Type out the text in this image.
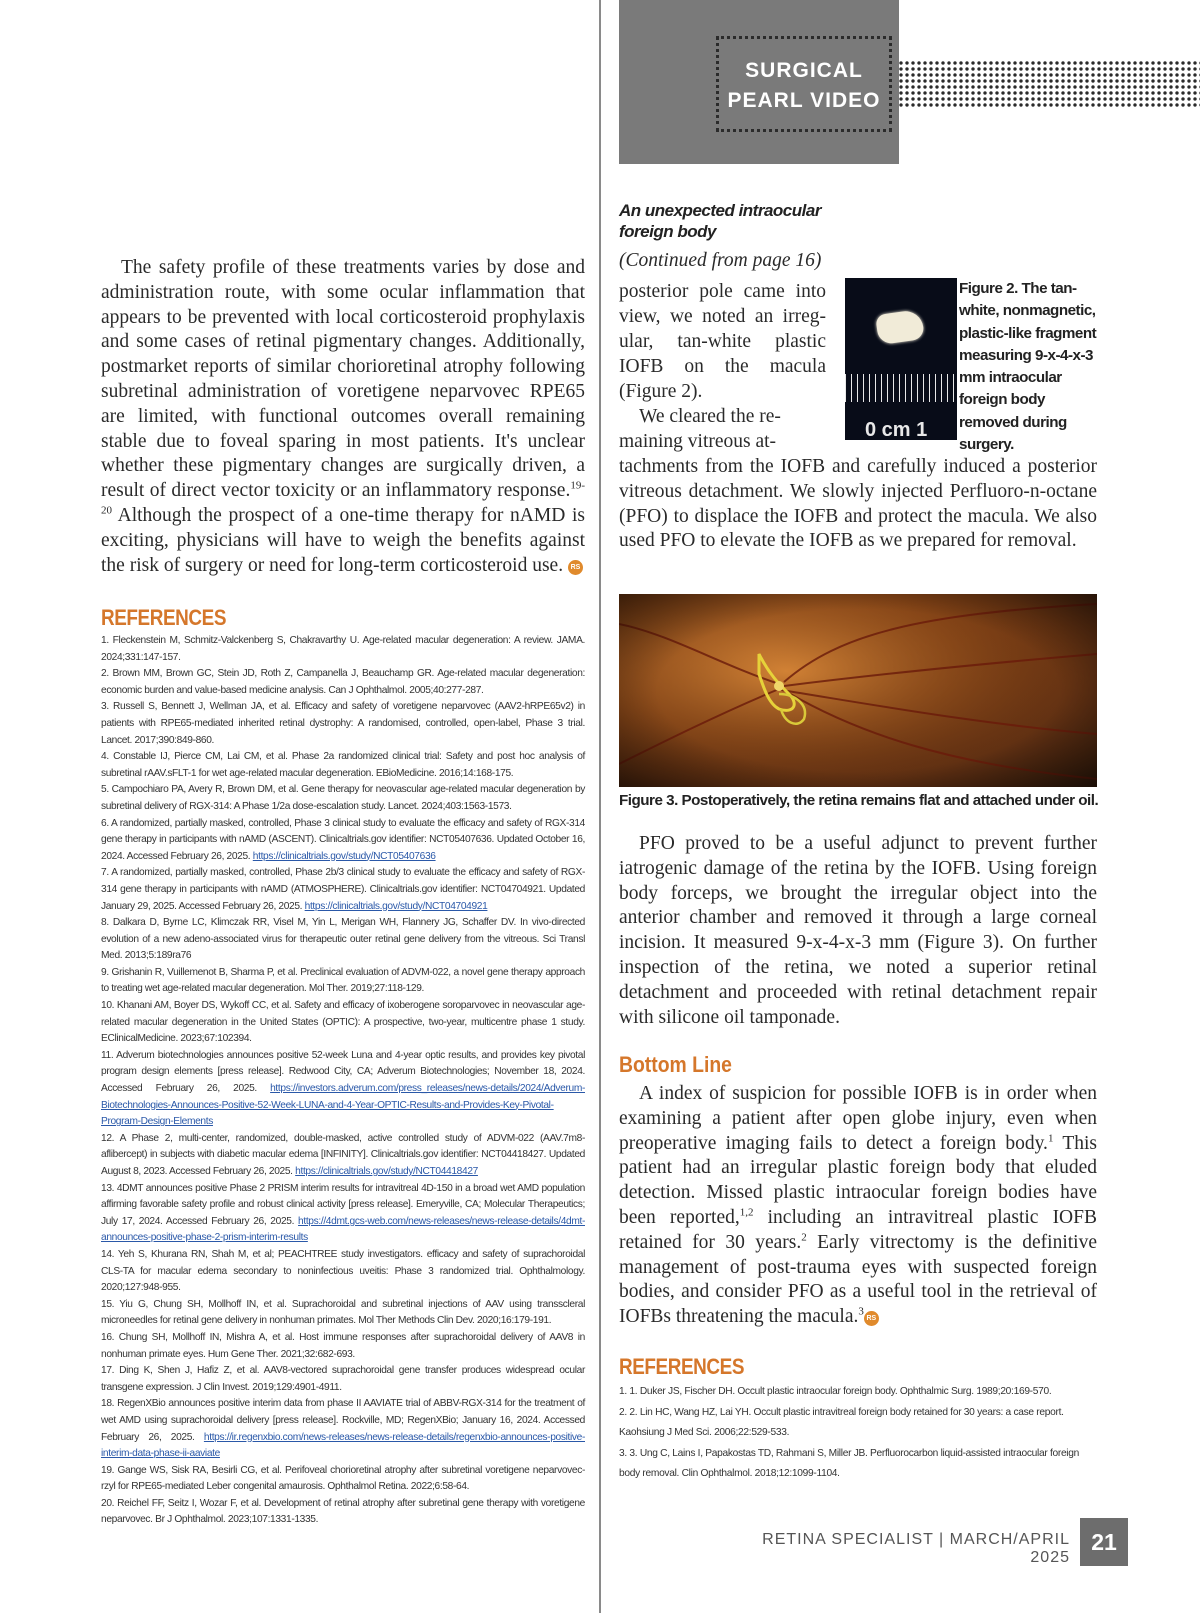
The safety profile of these treatments varies by dose and administration route, with some ocular inflammation that appears to be prevented with local corticosteroid prophylaxis and some cases of retinal pigmentary changes. Additionally, postmarket reports of similar chorioretinal atrophy following subretinal administration of voretigene neparvovec RPE65 are limited, with functional outcomes overall remaining stable due to foveal sparing in most patients. It's unclear whether these pigmentary changes are surgically driven, a result of direct vector toxicity or an inflammatory response.$^{19-20}$ Although the prospect of a one-time therapy for nAMD is exciting, physicians will have to weigh the benefits against the risk of surgery or need for long-term corticosteroid use. RS
REFERENCES
1. Fleckenstein M, Schmitz-Valckenberg S, Chakravarthy U. Age-related macular degeneration: A review. JAMA. 2024;331:147-157.
2. Brown MM, Brown GC, Stein JD, Roth Z, Campanella J, Beauchamp GR. Age-related macular degeneration: economic burden and value-based medicine analysis. Can J Ophthalmol. 2005;40:277-287.
3. Russell S, Bennett J, Wellman JA, et al. Efficacy and safety of voretigene neparvovec (AAV2-hRPE65v2) in patients with RPE65-mediated inherited retinal dystrophy: A randomised, controlled, open-label, Phase 3 trial. Lancet. 2017;390:849-860.
4. Constable IJ, Pierce CM, Lai CM, et al. Phase 2a randomized clinical trial: Safety and post hoc analysis of subretinal rAAV.sFLT-1 for wet age-related macular degeneration. EBioMedicine. 2016;14:168-175.
5. Campochiaro PA, Avery R, Brown DM, et al. Gene therapy for neovascular age-related macular degeneration by subretinal delivery of RGX-314: A Phase 1/2a dose-escalation study. Lancet. 2024;403:1563-1573.
6. A randomized, partially masked, controlled, Phase 3 clinical study to evaluate the efficacy and safety of RGX-314 gene therapy in participants with nAMD (ASCENT). Clinicaltrials.gov identifier: NCT05407636. Updated October 16, 2024. Accessed February 26, 2025. https://clinicaltrials.gov/study/NCT05407636
7. A randomized, partially masked, controlled, Phase 2b/3 clinical study to evaluate the efficacy and safety of RGX-314 gene therapy in participants with nAMD (ATMOSPHERE). Clinicaltrials.gov identifier: NCT04704921. Updated January 29, 2025. Accessed February 26, 2025. https://clinicaltrials.gov/study/NCT04704921
8. Dalkara D, Byrne LC, Klimczak RR, Visel M, Yin L, Merigan WH, Flannery JG, Schaffer DV. In vivo-directed evolution of a new adeno-associated virus for therapeutic outer retinal gene delivery from the vitreous. Sci Transl Med. 2013;5:189ra76
9. Grishanin R, Vuillemenot B, Sharma P, et al. Preclinical evaluation of ADVM-022, a novel gene therapy approach to treating wet age-related macular degeneration. Mol Ther. 2019;27:118-129.
10. Khanani AM, Boyer DS, Wykoff CC, et al. Safety and efficacy of ixoberogene soroparvovec in neovascular age-related macular degeneration in the United States (OPTIC): A prospective, two-year, multicentre phase 1 study. EClinicalMedicine. 2023;67:102394.
11. Adverum biotechnologies announces positive 52-week Luna and 4-year optic results, and provides key pivotal program design elements [press release]. Redwood City, CA; Adverum Biotechnologies; November 18, 2024. Accessed February 26, 2025. https://investors.adverum.com/press_releases/news-details/2024/Adverum-Biotechnologies-Announces-Positive-52-Week-LUNA-and-4-Year-OPTIC-Results-and-Provides-Key-Pivotal-Program-Design-Elements
12. A Phase 2, multi-center, randomized, double-masked, active controlled study of ADVM-022 (AAV.7m8-aflibercept) in subjects with diabetic macular edema [INFINITY]. Clinicaltrials.gov identifier: NCT04418427. Updated August 8, 2023. Accessed February 26, 2025. https://clinicaltrials.gov/study/NCT04418427
13. 4DMT announces positive Phase 2 PRISM interim results for intravitreal 4D-150 in a broad wet AMD population affirming favorable safety profile and robust clinical activity [press release]. Emeryville, CA; Molecular Therapeutics; July 17, 2024. Accessed February 26, 2025. https://4dmt.gcs-web.com/news-releases/news-release-details/4dmt-announces-positive-phase-2-prism-interim-results
14. Yeh S, Khurana RN, Shah M, et al; PEACHTREE study investigators. efficacy and safety of suprachoroidal CLS-TA for macular edema secondary to noninfectious uveitis: Phase 3 randomized trial. Ophthalmology. 2020;127:948-955.
15. Yiu G, Chung SH, Mollhoff IN, et al. Suprachoroidal and subretinal injections of AAV using transscleral microneedles for retinal gene delivery in nonhuman primates. Mol Ther Methods Clin Dev. 2020;16:179-191.
16. Chung SH, Mollhoff IN, Mishra A, et al. Host immune responses after suprachoroidal delivery of AAV8 in nonhuman primate eyes. Hum Gene Ther. 2021;32:682-693.
17. Ding K, Shen J, Hafiz Z, et al. AAV8-vectored suprachoroidal gene transfer produces widespread ocular transgene expression. J Clin Invest. 2019;129:4901-4911.
18. RegenXBio announces positive interim data from phase II AAVIATE trial of ABBV-RGX-314 for the treatment of wet AMD using suprachoroidal delivery [press release]. Rockville, MD; RegenXBio; January 16, 2024. Accessed February 26, 2025. https://ir.regenxbio.com/news-releases/news-release-details/regenxbio-announces-positive-interim-data-phase-ii-aaviate
19. Gange WS, Sisk RA, Besirli CG, et al. Perifoveal chorioretinal atrophy after subretinal voretigene neparvovec-rzyl for RPE65-mediated Leber congenital amaurosis. Ophthalmol Retina. 2022;6:58-64.
20. Reichel FF, Seitz I, Wozar F, et al. Development of retinal atrophy after subretinal gene therapy with voretigene neparvovec. Br J Ophthalmol. 2023;107:1331-1335.
SURGICAL
PEARL VIDEO
An unexpected intraocular foreign body
(Continued from page 16)
posterior pole came into
view, we noted an irreg-
ular, tan-white plastic
IOFB on the macula
(Figure 2).
We cleared the re-
maining vitreous at-
0 cm 1
Figure 2. The tan-white, nonmagnetic, plastic-like fragment measuring 9-x-4-x-3 mm intraocular foreign body removed during surgery.
tachments from the IOFB and carefully induced a posterior vitreous detachment. We slowly injected Perfluoro-n-octane (PFO) to displace the IOFB and protect the macula. We also used PFO to elevate the IOFB as we prepared for removal.
Figure 3. Postoperatively, the retina remains flat and attached under oil.
PFO proved to be a useful adjunct to prevent further iatrogenic damage of the retina by the IOFB. Using foreign body forceps, we brought the irregular object into the anterior chamber and removed it through a large corneal incision. It measured 9-x-4-x-3 mm (Figure 3). On further inspection of the retina, we noted a superior retinal detachment and proceeded with retinal detachment repair with silicone oil tamponade.
Bottom Line
A index of suspicion for possible IOFB is in order when examining a patient after open globe injury, even when preoperative imaging fails to detect a foreign body.$^1$ This patient had an irregular plastic foreign body that eluded detection. Missed plastic intraocular foreign bodies have been reported,$^{1,2}$ including an intravitreal plastic IOFB retained for 30 years.$^2$ Early vitrectomy is the definitive management of post-trauma eyes with suspected foreign bodies, and consider PFO as a useful tool in the retrieval of IOFBs threatening the macula.$^3$RS
REFERENCES
1. 1. Duker JS, Fischer DH. Occult plastic intraocular foreign body. Ophthalmic Surg. 1989;20:169-570.
2. 2. Lin HC, Wang HZ, Lai YH. Occult plastic intravitreal foreign body retained for 30 years: a case report. Kaohsiung J Med Sci. 2006;22:529-533.
3. 3. Ung C, Lains I, Papakostas TD, Rahmani S, Miller JB. Perfluorocarbon liquid-assisted intraocular foreign body removal. Clin Ophthalmol. 2018;12:1099-1104.
RETINA SPECIALIST | MARCH/APRIL 2025
21
